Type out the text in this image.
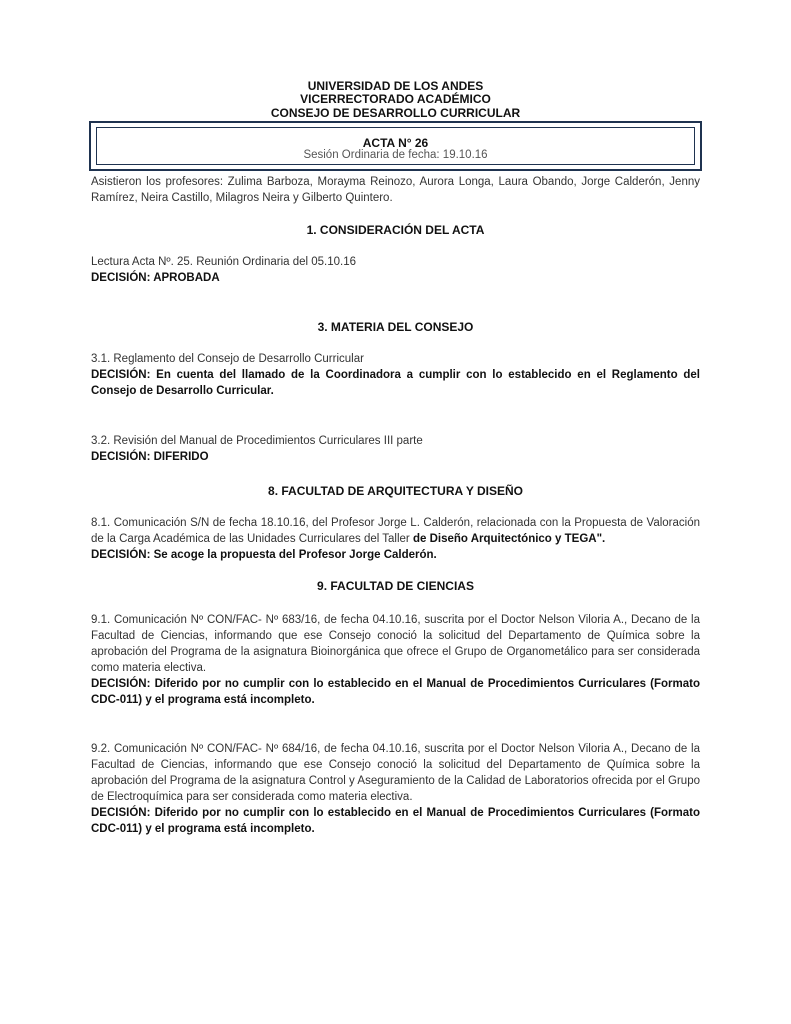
UNIVERSIDAD DE LOS ANDES
VICERRECTORADO ACADÉMICO
CONSEJO DE DESARROLLO CURRICULAR
ACTA N° 26
Sesión Ordinaria de fecha: 19.10.16
Asistieron los profesores: Zulima Barboza, Morayma Reinozo, Aurora Longa, Laura Obando, Jorge Calderón, Jenny Ramírez, Neira Castillo, Milagros Neira y Gilberto Quintero.
1. CONSIDERACIÓN DEL ACTA
Lectura Acta Nº. 25. Reunión Ordinaria del 05.10.16
DECISIÓN: APROBADA
3. MATERIA DEL CONSEJO
3.1. Reglamento del Consejo de Desarrollo Curricular
DECISIÓN: En cuenta del llamado de la Coordinadora a cumplir con lo establecido en el Reglamento del Consejo de Desarrollo Curricular.
3.2. Revisión del Manual de Procedimientos Curriculares III parte
DECISIÓN: DIFERIDO
8. FACULTAD DE ARQUITECTURA Y DISEÑO
8.1. Comunicación S/N de fecha 18.10.16, del Profesor Jorge L. Calderón, relacionada con la Propuesta de Valoración de la Carga Académica de las Unidades Curriculares del Taller de Diseño Arquitectónico y TEGA".
DECISIÓN: Se acoge la propuesta del Profesor Jorge Calderón.
9. FACULTAD DE CIENCIAS
9.1. Comunicación Nº CON/FAC- Nº 683/16, de fecha 04.10.16, suscrita por el Doctor Nelson Viloria A., Decano de la Facultad de Ciencias, informando que ese Consejo conoció la solicitud del Departamento de Química sobre la aprobación del Programa de la asignatura Bioinorgánica que ofrece el Grupo de Organometálico para ser considerada como materia electiva.
DECISIÓN: Diferido por no cumplir con lo establecido en el Manual de Procedimientos Curriculares (Formato CDC-011) y el programa está incompleto.
9.2. Comunicación Nº CON/FAC- Nº 684/16, de fecha 04.10.16, suscrita por el Doctor Nelson Viloria A., Decano de la Facultad de Ciencias, informando que ese Consejo conoció la solicitud del Departamento de Química sobre la aprobación del Programa de la asignatura Control y Aseguramiento de la Calidad de Laboratorios ofrecida por el Grupo de Electroquímica para ser considerada como materia electiva.
DECISIÓN: Diferido por no cumplir con lo establecido en el Manual de Procedimientos Curriculares (Formato CDC-011) y el programa está incompleto.
